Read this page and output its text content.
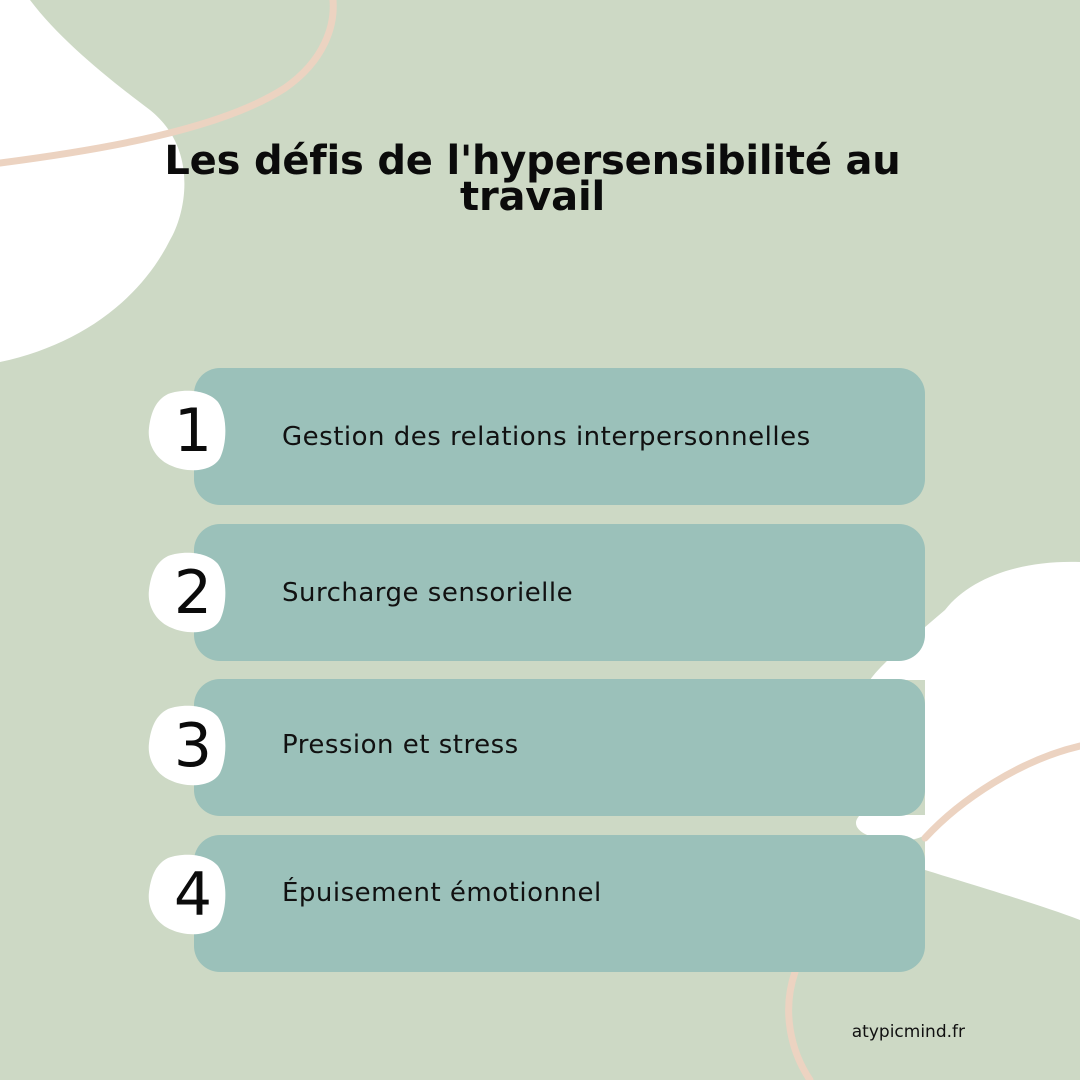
Les défis de l'hypersensibilité au travail
Gestion des relations interpersonnelles
1
Surcharge sensorielle
2
Pression et stress
3
Épuisement émotionnel
4
atypicmind.fr
